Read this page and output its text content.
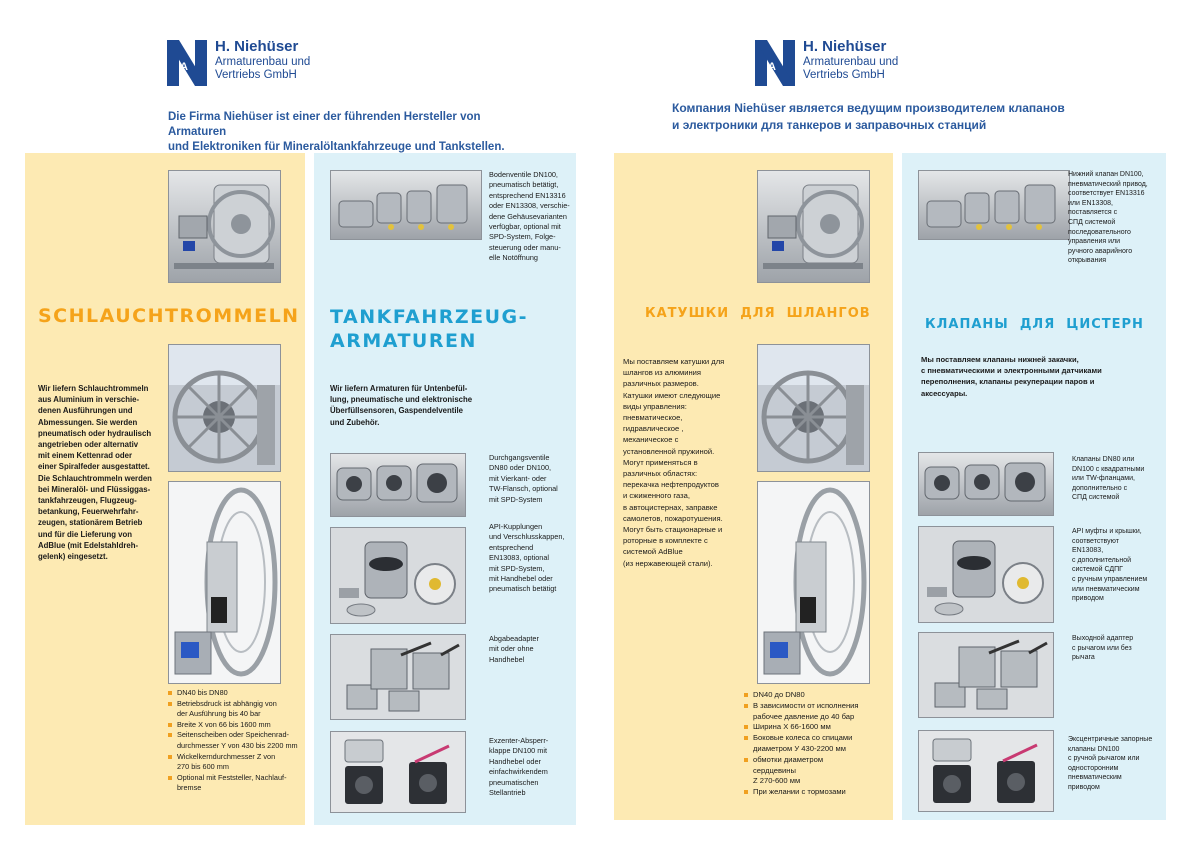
A
H. Niehüser
Armaturenbau und
Vertriebs GmbH
Die Firma Niehüser ist einer der führenden Hersteller von Armaturen
und Elektroniken für Mineralöltankfahrzeuge und Tankstellen.
SCHLAUCHTROMMELN
Wir liefern Schlauchtrommeln
aus Aluminium in verschie-
denen Ausführungen und
Abmessungen. Sie werden
pneumatisch oder hydraulisch
angetrieben oder alternativ
mit einem Kettenrad oder
einer Spiralfeder ausgestattet.
Die Schlauchtrommeln werden
bei Mineralöl- und Flüssiggas-
tankfahrzeugen, Flugzeug-
betankung, Feuerwehrfahr-
zeugen, stationärem Betrieb
und für die Lieferung von
AdBlue (mit Edelstahldreh-
gelenk) eingesetzt.
DN40 bis DN80
Betriebsdruck ist abhängig von
der Ausführung bis 40 bar
Breite X von 66 bis 1600 mm
Seitenscheiben oder Speichenrad-
durchmesser Y von 430 bis 2200 mm
Wickelkerndurchmesser Z von
270 bis 600 mm
Optional mit Feststeller, Nachlauf-
bremse
Bodenventile DN100,
pneumatisch betätigt,
entsprechend EN13316
oder EN13308, verschie-
dene Gehäusevarianten
verfügbar, optional mit
SPD-System, Folge-
steuerung oder manu-
elle Notöffnung
TANKFAHRZEUG-
ARMATUREN
Wir liefern Armaturen für Untenbefül-
lung, pneumatische und elektronische
Überfüllsensoren, Gaspendelventile
und Zubehör.
Durchgangsventile
DN80 oder DN100,
mit Vierkant- oder
TW-Flansch, optional
mit SPD-System
API-Kupplungen
und Verschlusskappen,
entsprechend
EN13083, optional
mit SPD-System,
mit Handhebel oder
pneumatisch betätigt
Abgabeadapter
mit oder ohne
Handhebel
Exzenter-Absperr-
klappe DN100 mit
Handhebel oder
einfachwirkendem
pneumatischen
Stellantrieb
A
H. Niehüser
Armaturenbau und
Vertriebs GmbH
Компания Niehüser является ведущим производителем клапанов
и электроники для танкеров и заправочных станций
КАТУШКИ  ДЛЯ  ШЛАНГОВ
Мы поставляем катушки для
шлангов из алюминия
различных размеров.
Катушки имеют следующие
виды управления:
пневматическое,
гидравлическое ,
механическое с
установленной пружиной.
Могут применяться в
различных областях:
перекачка нефтепродуктов
и сжиженного газа,
в автоцистернах, заправке
самолетов, пожаротушения.
Могут быть стационарные и
роторные в комплекте с
системой AdBlue
(из нержавеющей стали).
DN40 до DN80
В зависимости от исполнения
рабочее давление до 40 бар
Ширина Х 66-1600 мм
Боковые колеса со спицами
диаметром У 430-2200 мм
обмотки диаметром
сердцевины
Z 270-600 мм
При желании с тормозами
Нижний клапан DN100,
пневматический привод,
соответствует EN13316
или EN13308,
поставляется с
СПД системой
последовательного
управления или
ручного аварийного
открывания
КЛАПАНЫ  ДЛЯ  ЦИСТЕРН
Мы поставляем клапаны нижней закачки,
с пневматическими и электронными датчиками
переполнения, клапаны рекуперации паров и
аксессуары.
Клапаны DN80 или
DN100 с квадратными
или TW-фланцами,
дополнительно с
СПД системой
API муфты и крышки,
соответствуют
EN13083,
с дополнительной
системой СДПГ
с ручным управлением
или пневматическим
приводом
Выходной адаптер
с рычагом или без
рычага
Эксцентричные запорные
клапаны DN100
с ручной рычагом или
односторонним
пневматическим
приводом
